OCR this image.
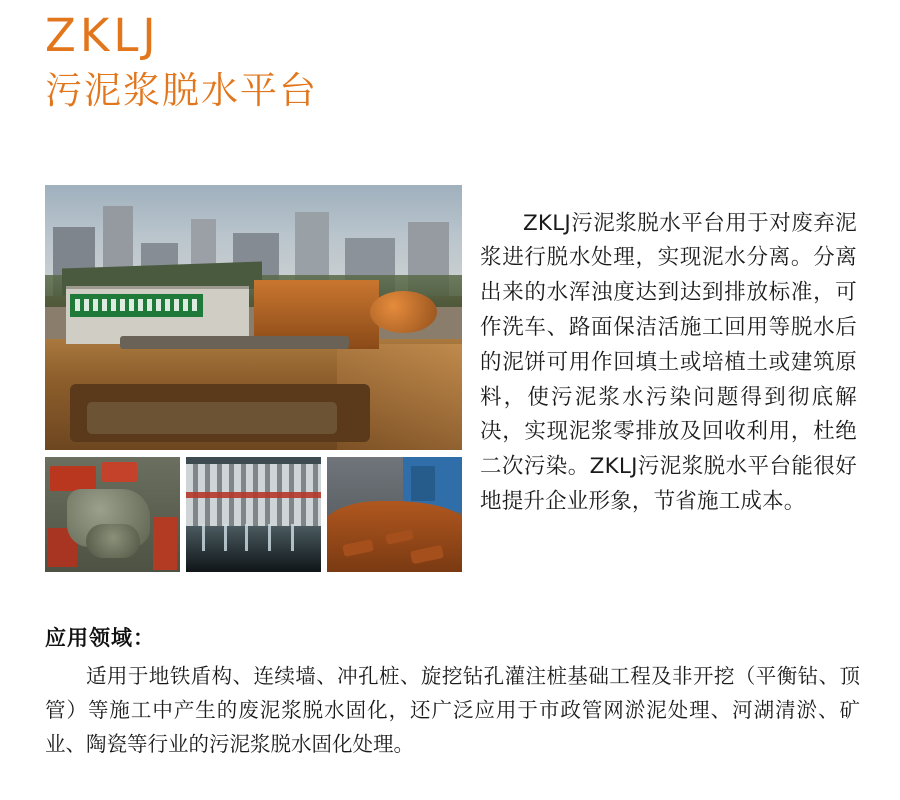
ZKLJ
污泥浆脱水平台

ZKLJ污泥浆脱水平台用于对废弃泥浆进行脱水处理，实现泥水分离。分离出来的水浑浊度达到达到排放标准，可作洗车、路面保洁活施工回用等脱水后的泥饼可用作回填土或培植土或建筑原料，使污泥浆水污染问题得到彻底解决，实现泥浆零排放及回收利用，杜绝二次污染。ZKLJ污泥浆脱水平台能很好地提升企业形象，节省施工成本。

应用领域：
适用于地铁盾构、连续墙、冲孔桩、旋挖钻孔灌注桩基础工程及非开挖（平衡钻、顶管）等施工中产生的废泥浆脱水固化，还广泛应用于市政管网淤泥处理、河湖清淤、矿业、陶瓷等行业的污泥浆脱水固化处理。
